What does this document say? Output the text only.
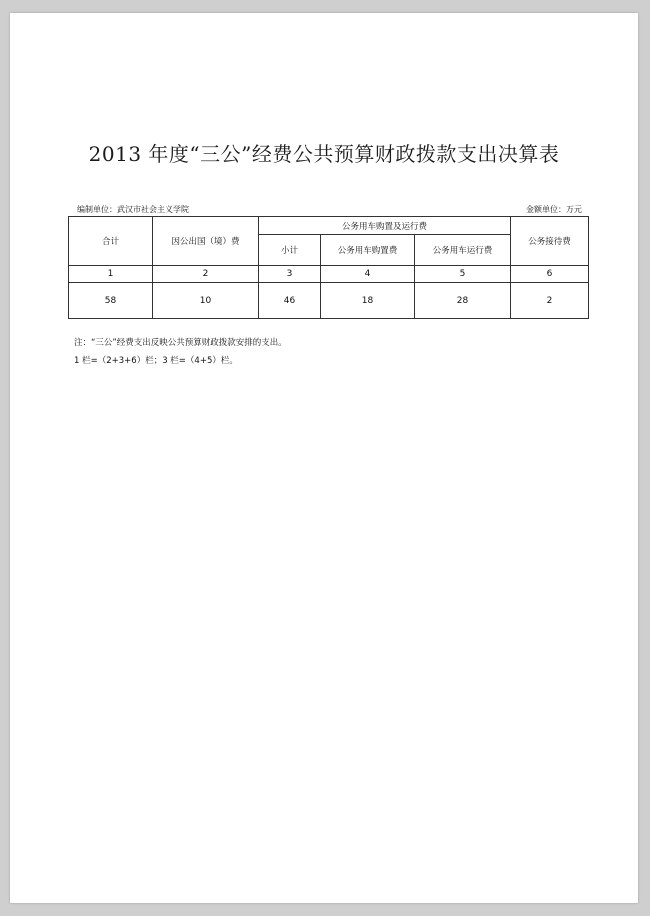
2013 年度“三公”经费公共预算财政拨款支出决算表
编制单位：武汉市社会主义学院	金额单位：万元
合计	因公出国（境）费	公务用车购置及运行费			公务接待费
		小计	公务用车购置费	公务用车运行费	
1	2	3	4	5	6
58	10	46	18	28	2
注：“三公”经费支出反映公共预算财政拨款安排的支出。
1 栏=（2+3+6）栏；3 栏=（4+5）栏。
